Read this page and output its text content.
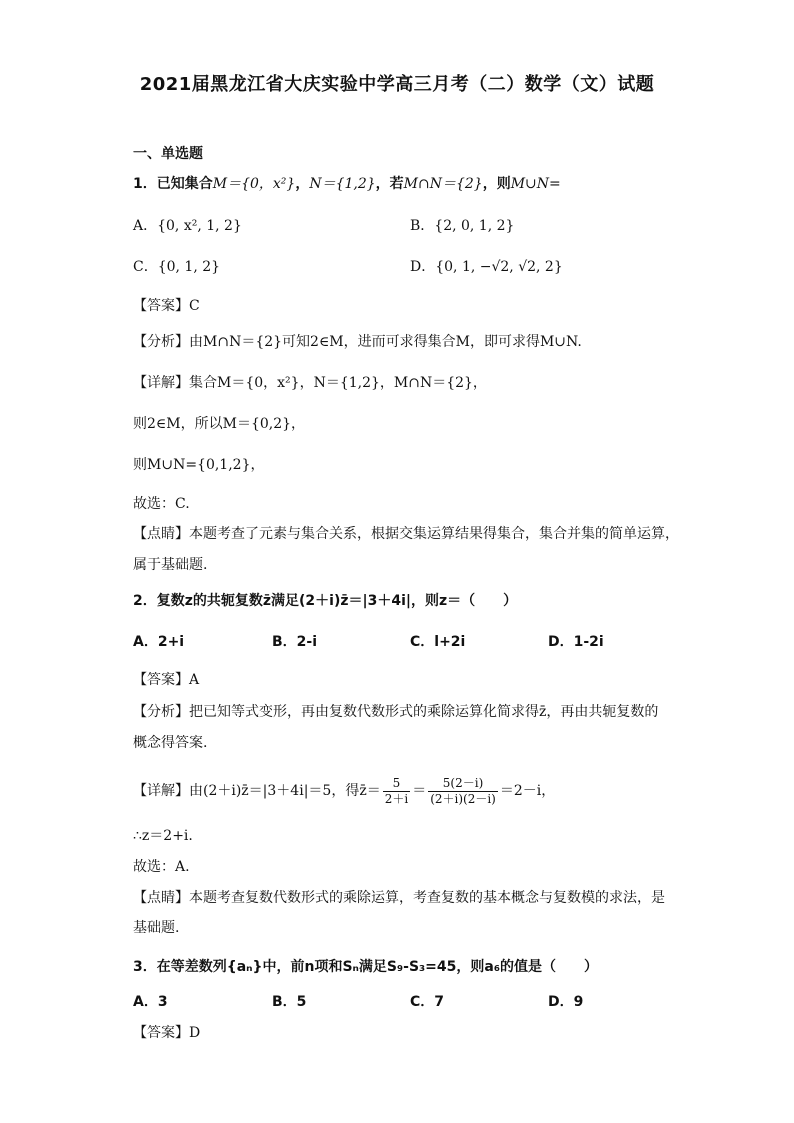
2021届黑龙江省大庆实验中学高三月考（二）数学（文）试题
一、单选题
1．已知集合M＝{0，x²}，N＝{1,2}，若M∩N＝{2}，则M∪N=
A．{0, x², 1, 2}	B．{2, 0, 1, 2}
C．{0, 1, 2}	D．{0, 1, −√2, √2, 2}
【答案】C
【分析】由M∩N＝{2}可知2∈M，进而可求得集合M，即可求得M∪N.
【详解】集合M＝{0，x²}，N＝{1,2}，M∩N＝{2}，
则2∈M，所以M＝{0,2}，
则M∪N={0,1,2}，
故选：C.
【点睛】本题考查了元素与集合关系，根据交集运算结果得集合，集合并集的简单运算，
属于基础题.
2．复数z的共轭复数z̄满足(2＋i)z̄＝|3＋4i|，则z＝（　　）
A．2+i	B．2-i	C．l+2i	D．1-2i
【答案】A
【分析】把已知等式变形，再由复数代数形式的乘除运算化简求得z̄，再由共轭复数的
概念得答案.
【详解】由(2＋i)z̄＝|3＋4i|＝5，得z̄＝ $\frac{5}{2+i} = \frac{5(2-i)}{(2+i)(2-i)} =2-i$，
∴z＝2+i.
故选：A.
【点睛】本题考查复数代数形式的乘除运算，考查复数的基本概念与复数模的求法，是
基础题.
3．在等差数列{aₙ}中，前n项和Sₙ满足S₉-S₃=45，则a₆的值是（　　）
A．3	B．5	C．7	D．9
【答案】D
